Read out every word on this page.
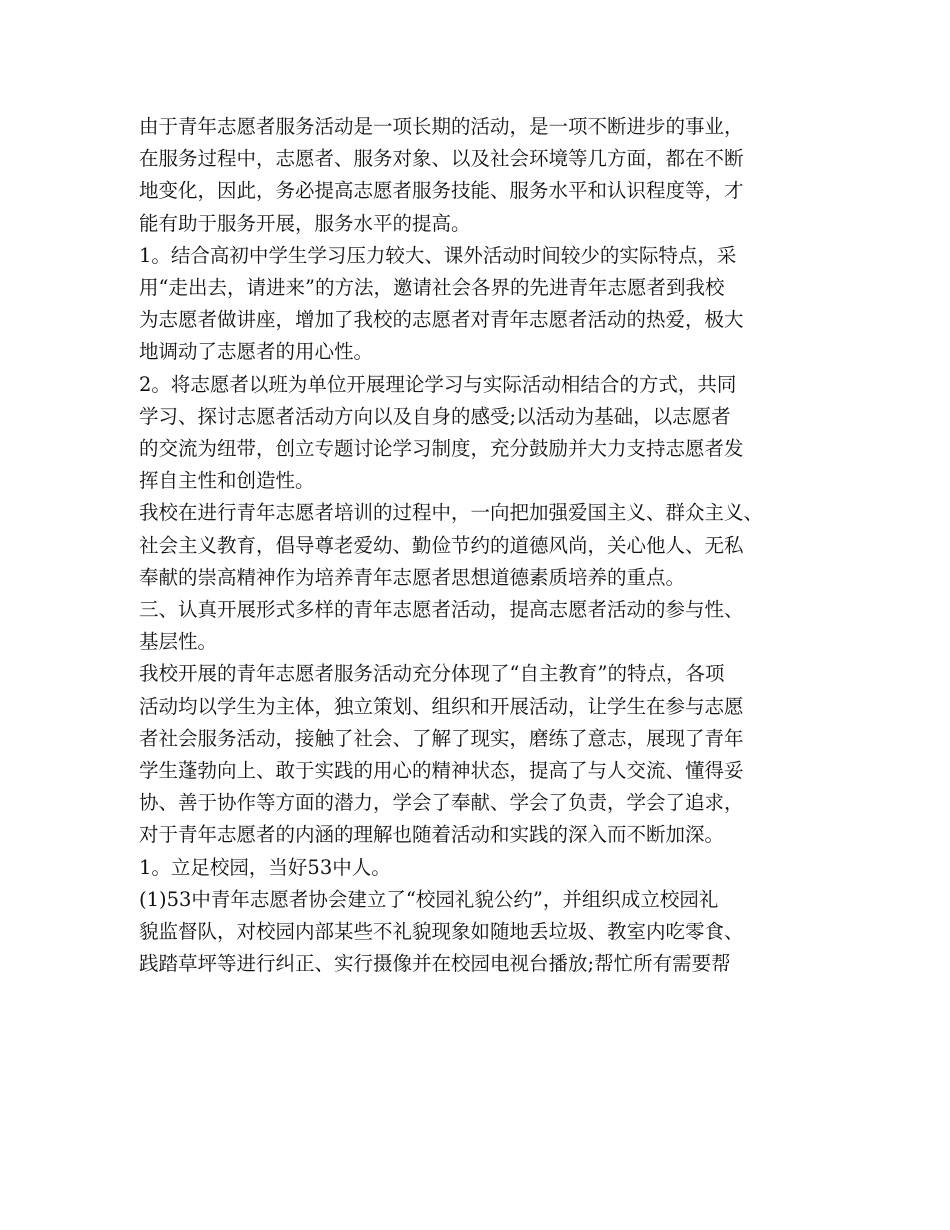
由于青年志愿者服务活动是一项长期的活动，是一项不断进步的事业，

在服务过程中，志愿者、服务对象、以及社会环境等几方面，都在不断

地变化，因此，务必提高志愿者服务技能、服务水平和认识程度等，才

能有助于服务开展，服务水平的提高。

1。结合高初中学生学习压力较大、课外活动时间较少的实际特点，采

用“走出去，请进来”的方法，邀请社会各界的先进青年志愿者到我校

为志愿者做讲座，增加了我校的志愿者对青年志愿者活动的热爱，极大

地调动了志愿者的用心性。

2。将志愿者以班为单位开展理论学习与实际活动相结合的方式，共同

学习、探讨志愿者活动方向以及自身的感受;以活动为基础，以志愿者

的交流为纽带，创立专题讨论学习制度，充分鼓励并大力支持志愿者发

挥自主性和创造性。

我校在进行青年志愿者培训的过程中，一向把加强爱国主义、群众主义、

社会主义教育，倡导尊老爱幼、勤俭节约的道德风尚，关心他人、无私

奉献的崇高精神作为培养青年志愿者思想道德素质培养的重点。

三、认真开展形式多样的青年志愿者活动，提高志愿者活动的参与性、

基层性。

我校开展的青年志愿者服务活动充分体现了“自主教育”的特点，各项

活动均以学生为主体，独立策划、组织和开展活动，让学生在参与志愿

者社会服务活动，接触了社会、了解了现实，磨练了意志，展现了青年

学生蓬勃向上、敢于实践的用心的精神状态，提高了与人交流、懂得妥

协、善于协作等方面的潜力，学会了奉献、学会了负责，学会了追求，

对于青年志愿者的内涵的理解也随着活动和实践的深入而不断加深。

1。立足校园，当好53中人。

(1)53中青年志愿者协会建立了“校园礼貌公约”，并组织成立校园礼

貌监督队，对校园内部某些不礼貌现象如随地丢垃圾、教室内吃零食、

践踏草坪等进行纠正、实行摄像并在校园电视台播放;帮忙所有需要帮
